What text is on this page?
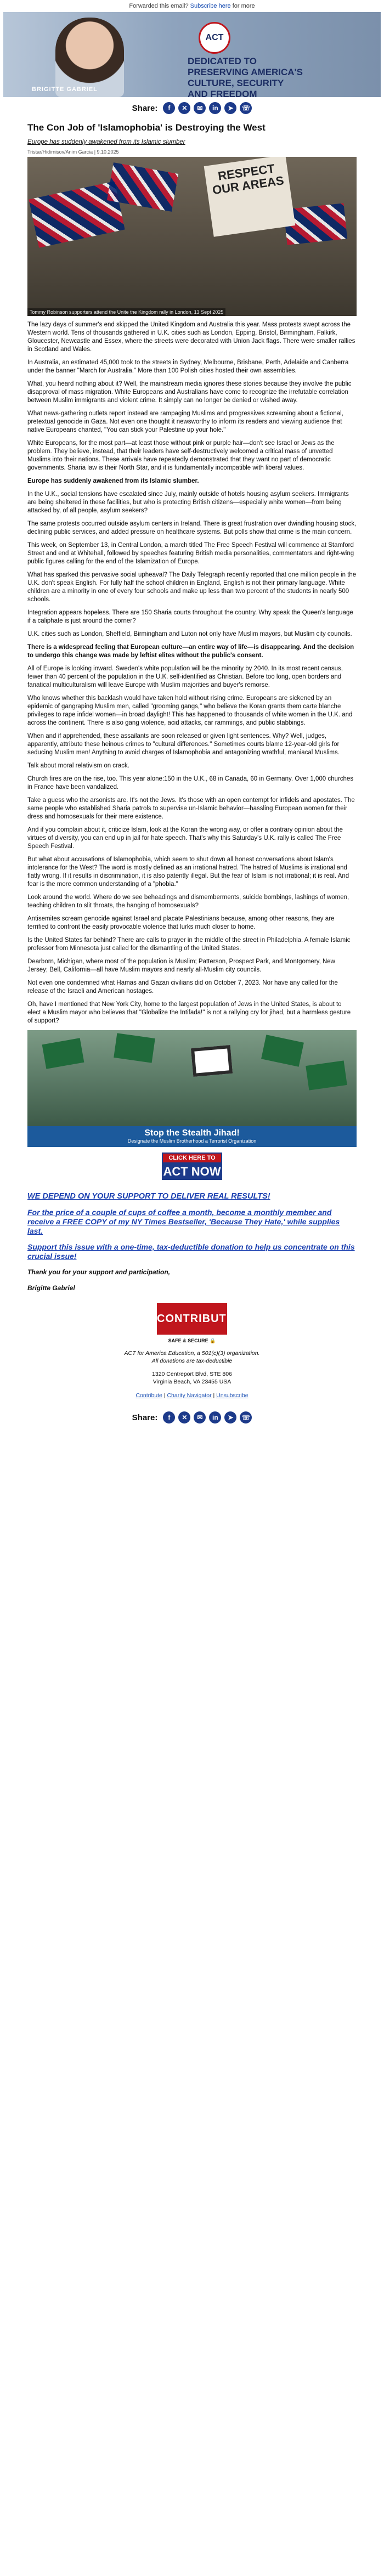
Forwarded this email? Subscribe here for more
BRIGITTE GABRIEL
ACT
DEDICATED TO
PRESERVING AMERICA'S
CULTURE, SECURITY
AND FREEDOM
Share:	f	✕	✉	in	➤	☏
The Con Job of 'Islamophobia' is Destroying the West

Europe has suddenly awakened from its Islamic slumber

Tristar/Hidirnisov/Anim Garcia | 9.10.2025
RESPECT OUR AREAS
Tommy Robinson supporters attend the Unite the Kingdom rally in London, 13 Sept 2025

The lazy days of summer's end skipped the United Kingdom and Australia this year. Mass protests swept across the Western world. Tens of thousands gathered in U.K. cities such as London, Epping, Bristol, Birmingham, Falkirk, Gloucester, Newcastle and Essex, where the streets were decorated with Union Jack flags. There were smaller rallies in Scotland and Wales.

In Australia, an estimated 45,000 took to the streets in Sydney, Melbourne, Brisbane, Perth, Adelaide and Canberra under the banner "March for Australia." More than 100 Polish cities hosted their own assemblies.

What, you heard nothing about it? Well, the mainstream media ignores these stories because they involve the public disapproval of mass migration. White Europeans and Australians have come to recognize the irrefutable correlation between Muslim immigrants and violent crime. It simply can no longer be denied or wished away.

What news-gathering outlets report instead are rampaging Muslims and progressives screaming about a fictional, pretextual genocide in Gaza. Not even one thought it newsworthy to inform its readers and viewing audience that native Europeans chanted, "You can stick your Palestine up your hole."

White Europeans, for the most part—at least those without pink or purple hair—don't see Israel or Jews as the problem. They believe, instead, that their leaders have self-destructively welcomed a critical mass of unvetted Muslims into their nations. These arrivals have repeatedly demonstrated that they want no part of democratic governments. Sharia law is their North Star, and it is fundamentally incompatible with liberal values.

Europe has suddenly awakened from its Islamic slumber.

In the U.K., social tensions have escalated since July, mainly outside of hotels housing asylum seekers. Immigrants are being sheltered in these facilities, but who is protecting British citizens—especially white women—from being attacked by, of all people, asylum seekers?

The same protests occurred outside asylum centers in Ireland. There is great frustration over dwindling housing stock, declining public services, and added pressure on healthcare systems. But polls show that crime is the main concern.

This week, on September 13, in Central London, a march titled The Free Speech Festival will commence at Stamford Street and end at Whitehall, followed by speeches featuring British media personalities, commentators and right-wing public figures calling for the end of the Islamization of Europe.

What has sparked this pervasive social upheaval? The Daily Telegraph recently reported that one million people in the U.K. don't speak English. For fully half the school children in England, English is not their primary language. White children are a minority in one of every four schools and make up less than two percent of the students in nearly 500 schools.

Integration appears hopeless. There are 150 Sharia courts throughout the country. Why speak the Queen's language if a caliphate is just around the corner?

U.K. cities such as London, Sheffield, Birmingham and Luton not only have Muslim mayors, but Muslim city councils.

There is a widespread feeling that European culture—an entire way of life—is disappearing. And the decision to undergo this change was made by leftist elites without the public's consent.

All of Europe is looking inward. Sweden's white population will be the minority by 2040. In its most recent census, fewer than 40 percent of the population in the U.K. self-identified as Christian. Before too long, open borders and fanatical multiculturalism will leave Europe with Muslim majorities and buyer's remorse.

Who knows whether this backlash would have taken hold without rising crime. Europeans are sickened by an epidemic of gangraping Muslim men, called "grooming gangs," who believe the Koran grants them carte blanche privileges to rape infidel women—in broad daylight! This has happened to thousands of white women in the U.K. and across the continent. There is also gang violence, acid attacks, car rammings, and public stabbings.

When and if apprehended, these assailants are soon released or given light sentences. Why? Well, judges, apparently, attribute these heinous crimes to "cultural differences." Sometimes courts blame 12-year-old girls for seducing Muslim men! Anything to avoid charges of Islamophobia and antagonizing wrathful, maniacal Muslims.

Talk about moral relativism on crack.

Church fires are on the rise, too. This year alone:150 in the U.K., 68 in Canada, 60 in Germany. Over 1,000 churches in France have been vandalized.

Take a guess who the arsonists are. It's not the Jews. It's those with an open contempt for infidels and apostates. The same people who established Sharia patrols to supervise un-Islamic behavior—hassling European women for their dress and homosexuals for their mere existence.

And if you complain about it, criticize Islam, look at the Koran the wrong way, or offer a contrary opinion about the virtues of diversity, you can end up in jail for hate speech. That's why this Saturday's U.K. rally is called The Free Speech Festival.

But what about accusations of Islamophobia, which seem to shut down all honest conversations about Islam's intolerance for the West? The word is mostly defined as an irrational hatred. The hatred of Muslims is irrational and flatly wrong. If it results in discrimination, it is also patently illegal. But the fear of Islam is not irrational; it is real. And fear is the more common understanding of a "phobia."

Look around the world. Where do we see beheadings and dismemberments, suicide bombings, lashings of women, teaching children to slit throats, the hanging of homosexuals?

Antisemites scream genocide against Israel and placate Palestinians because, among other reasons, they are terrified to confront the easily provocable violence that lurks much closer to home.

Is the United States far behind? There are calls to prayer in the middle of the street in Philadelphia. A female Islamic professor from Minnesota just called for the dismantling of the United States.

Dearborn, Michigan, where most of the population is Muslim; Patterson, Prospect Park, and Montgomery, New Jersey; Bell, California—all have Muslim mayors and nearly all-Muslim city councils.

Not even one condemned what Hamas and Gazan civilians did on October 7, 2023. Nor have any called for the release of the Israeli and American hostages.

Oh, have I mentioned that New York City, home to the largest population of Jews in the United States, is about to elect a Muslim mayor who believes that "Globalize the Intifada!" is not a rallying cry for jihad, but a harmless gesture of support?

Stop the Stealth Jihad!
Designate the Muslim Brotherhood a Terrorist Organization
CLICK HERE TO
ACT NOW

WE DEPEND ON YOUR SUPPORT TO DELIVER REAL RESULTS!

For the price of a couple of cups of coffee a month, become a monthly member and receive a FREE COPY of my NY Times Bestseller, 'Because They Hate,' while supplies last.

Support this issue with a one-time, tax-deductible donation to help us concentrate on this crucial issue!

Thank you for your support and participation,

Brigitte Gabriel

CONTRIBUTE
SAFE & SECURE 🔒
ACT for America Education, a 501(c)(3) organization.
All donations are tax-deductible
1320 Centreport Blvd, STE 806
Virginia Beach, VA 23455 USA
Contribute | Charity Navigator | Unsubscribe
Share:	f	✕	✉	in	➤	☏
